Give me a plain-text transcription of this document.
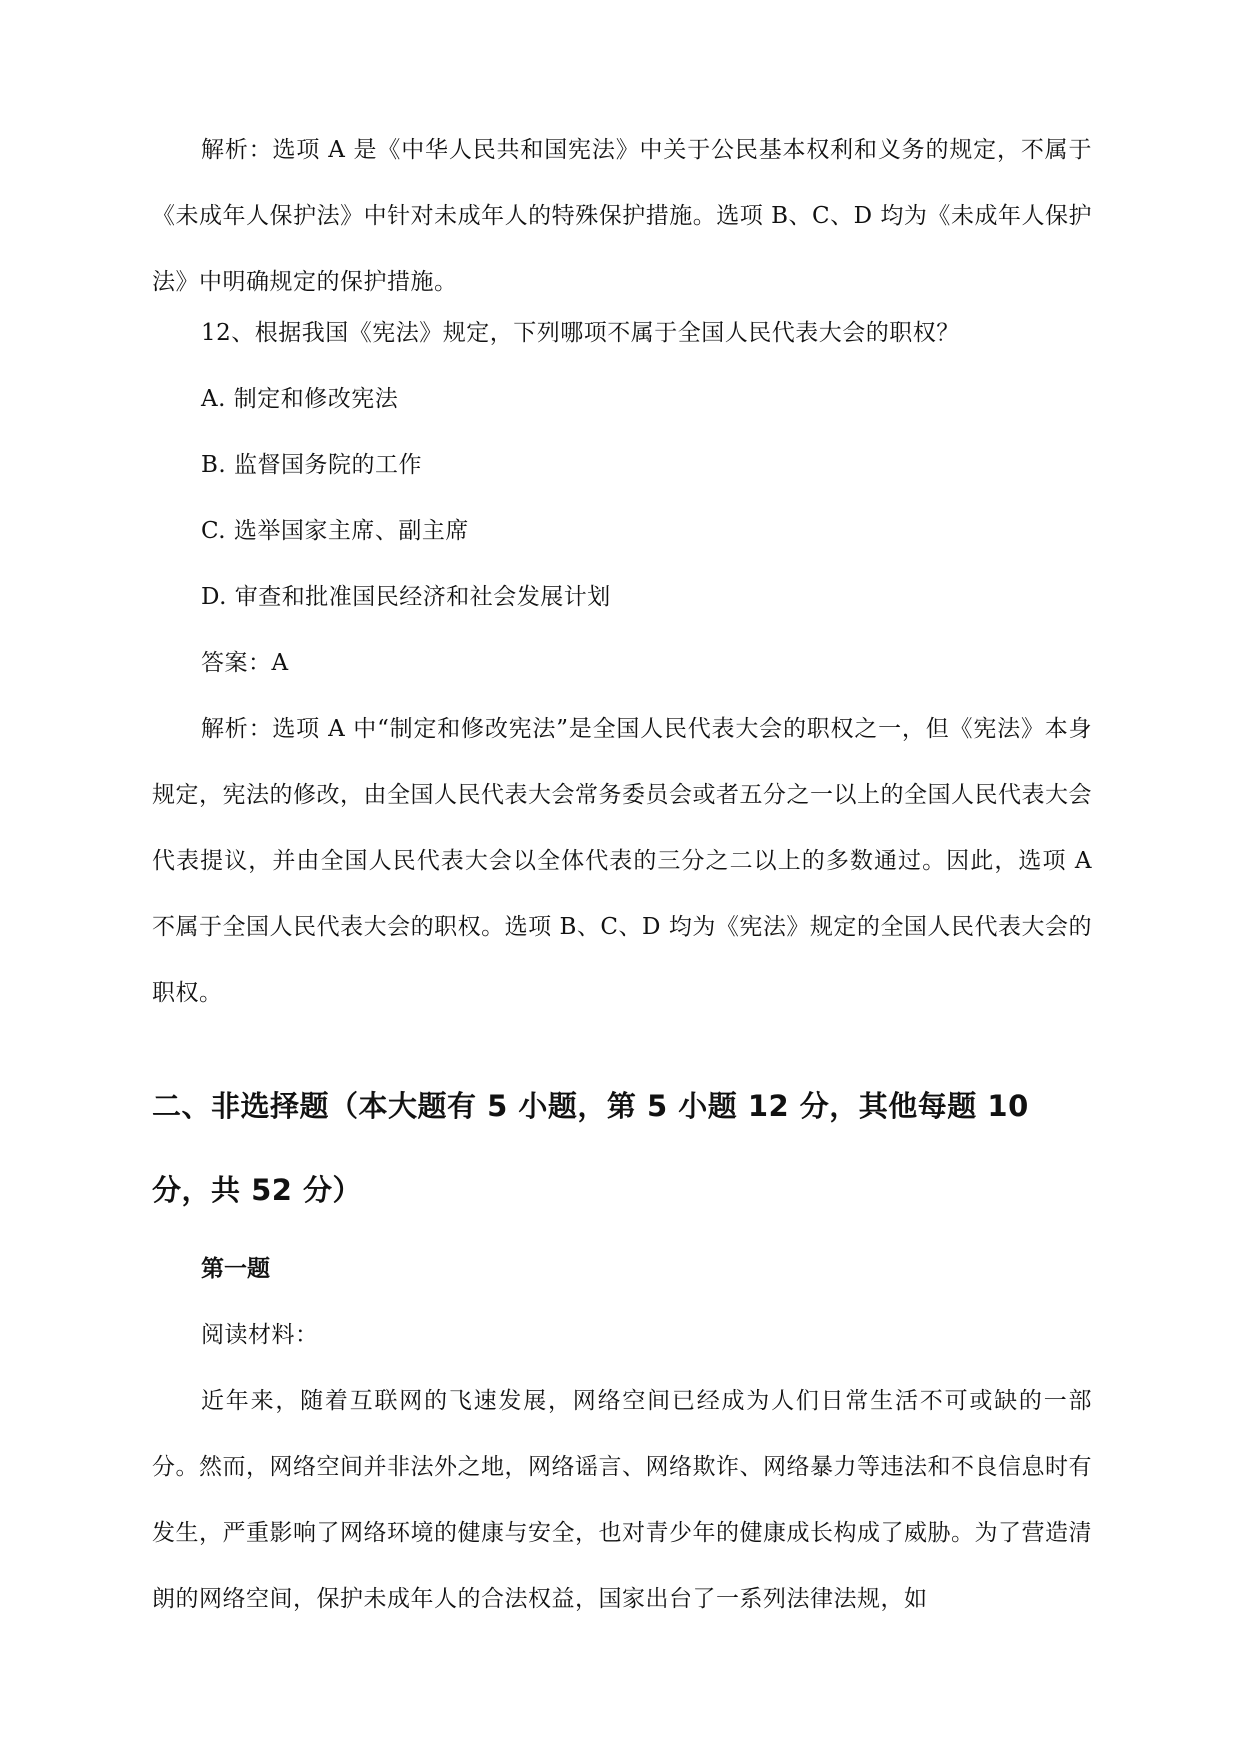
解析：选项 A 是《中华人民共和国宪法》中关于公民基本权利和义务的规定，不属于《未成年人保护法》中针对未成年人的特殊保护措施。选项 B、C、D 均为《未成年人保护法》中明确规定的保护措施。

12、根据我国《宪法》规定，下列哪项不属于全国人民代表大会的职权？

A. 制定和修改宪法

B. 监督国务院的工作

C. 选举国家主席、副主席

D. 审查和批准国民经济和社会发展计划

答案：A

解析：选项 A 中“制定和修改宪法”是全国人民代表大会的职权之一，但《宪法》本身规定，宪法的修改，由全国人民代表大会常务委员会或者五分之一以上的全国人民代表大会代表提议，并由全国人民代表大会以全体代表的三分之二以上的多数通过。因此，选项 A 不属于全国人民代表大会的职权。选项 B、C、D 均为《宪法》规定的全国人民代表大会的职权。

二、非选择题（本大题有 5 小题，第 5 小题 12 分，其他每题 10 分，共 52 分）

第一题

阅读材料：

近年来，随着互联网的飞速发展，网络空间已经成为人们日常生活不可或缺的一部分。然而，网络空间并非法外之地，网络谣言、网络欺诈、网络暴力等违法和不良信息时有发生，严重影响了网络环境的健康与安全，也对青少年的健康成长构成了威胁。为了营造清朗的网络空间，保护未成年人的合法权益，国家出台了一系列法律法规，如
